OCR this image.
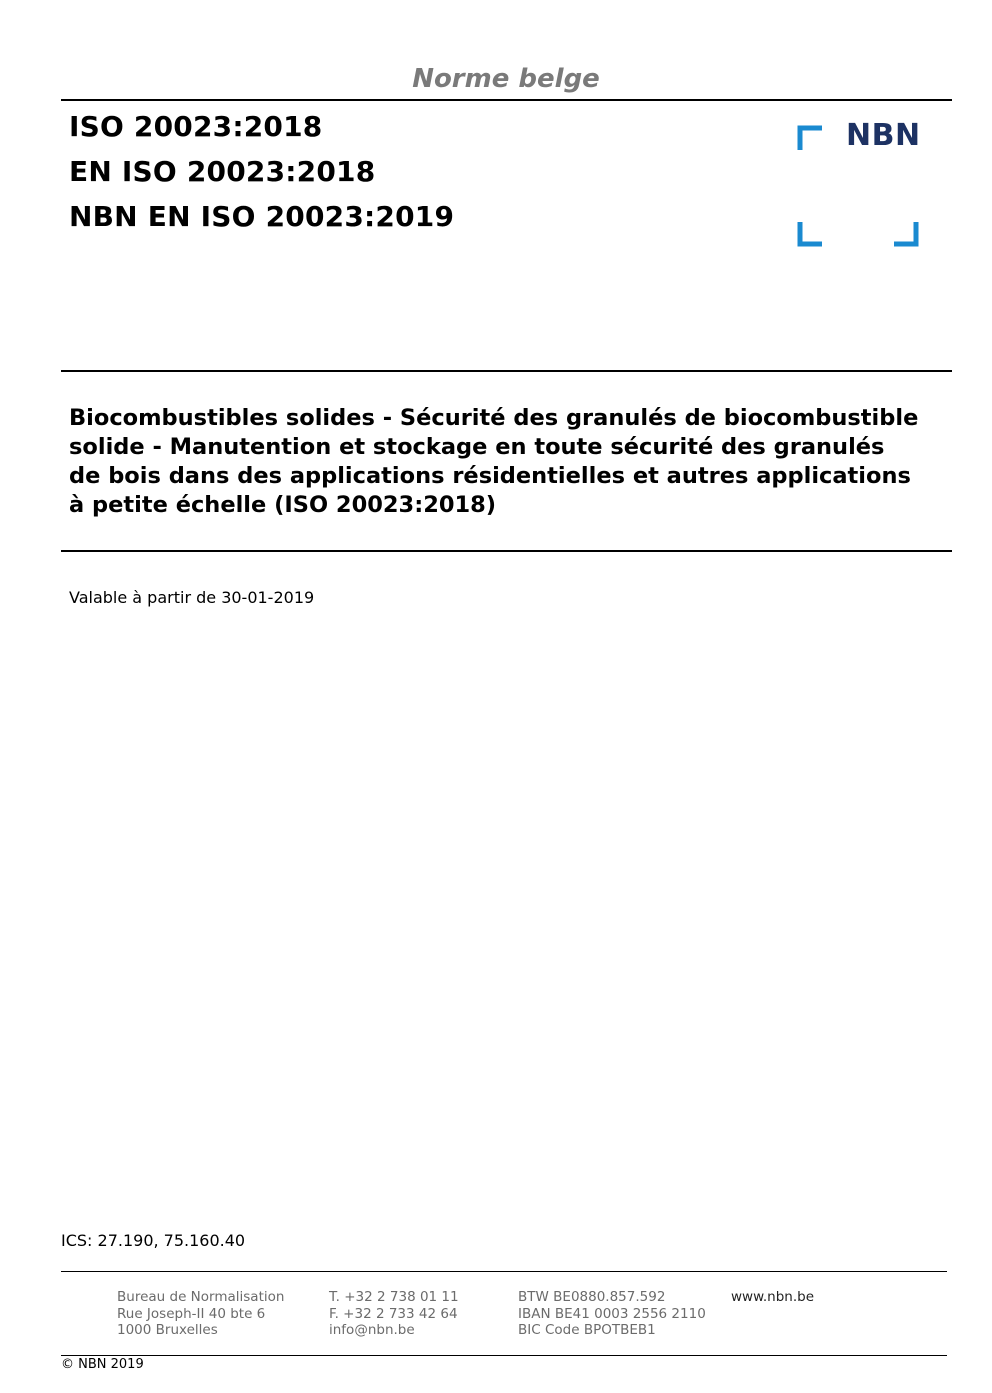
Norme belge
ISO 20023:2018
EN ISO 20023:2018
NBN EN ISO 20023:2019
NBN
Biocombustibles solides - Sécurité des granulés de biocombustible
solide - Manutention et stockage en toute sécurité des granulés
de bois dans des applications résidentielles et autres applications
à petite échelle (ISO 20023:2018)
Valable à partir de 30-01-2019
ICS: 27.190, 75.160.40
Bureau de Normalisation
Rue Joseph-II 40 bte 6
1000 Bruxelles
T. +32 2 738 01 11
F. +32 2 733 42 64
info@nbn.be
BTW BE0880.857.592
IBAN BE41 0003 2556 2110
BIC Code BPOTBEB1
www.nbn.be
© NBN 2019
